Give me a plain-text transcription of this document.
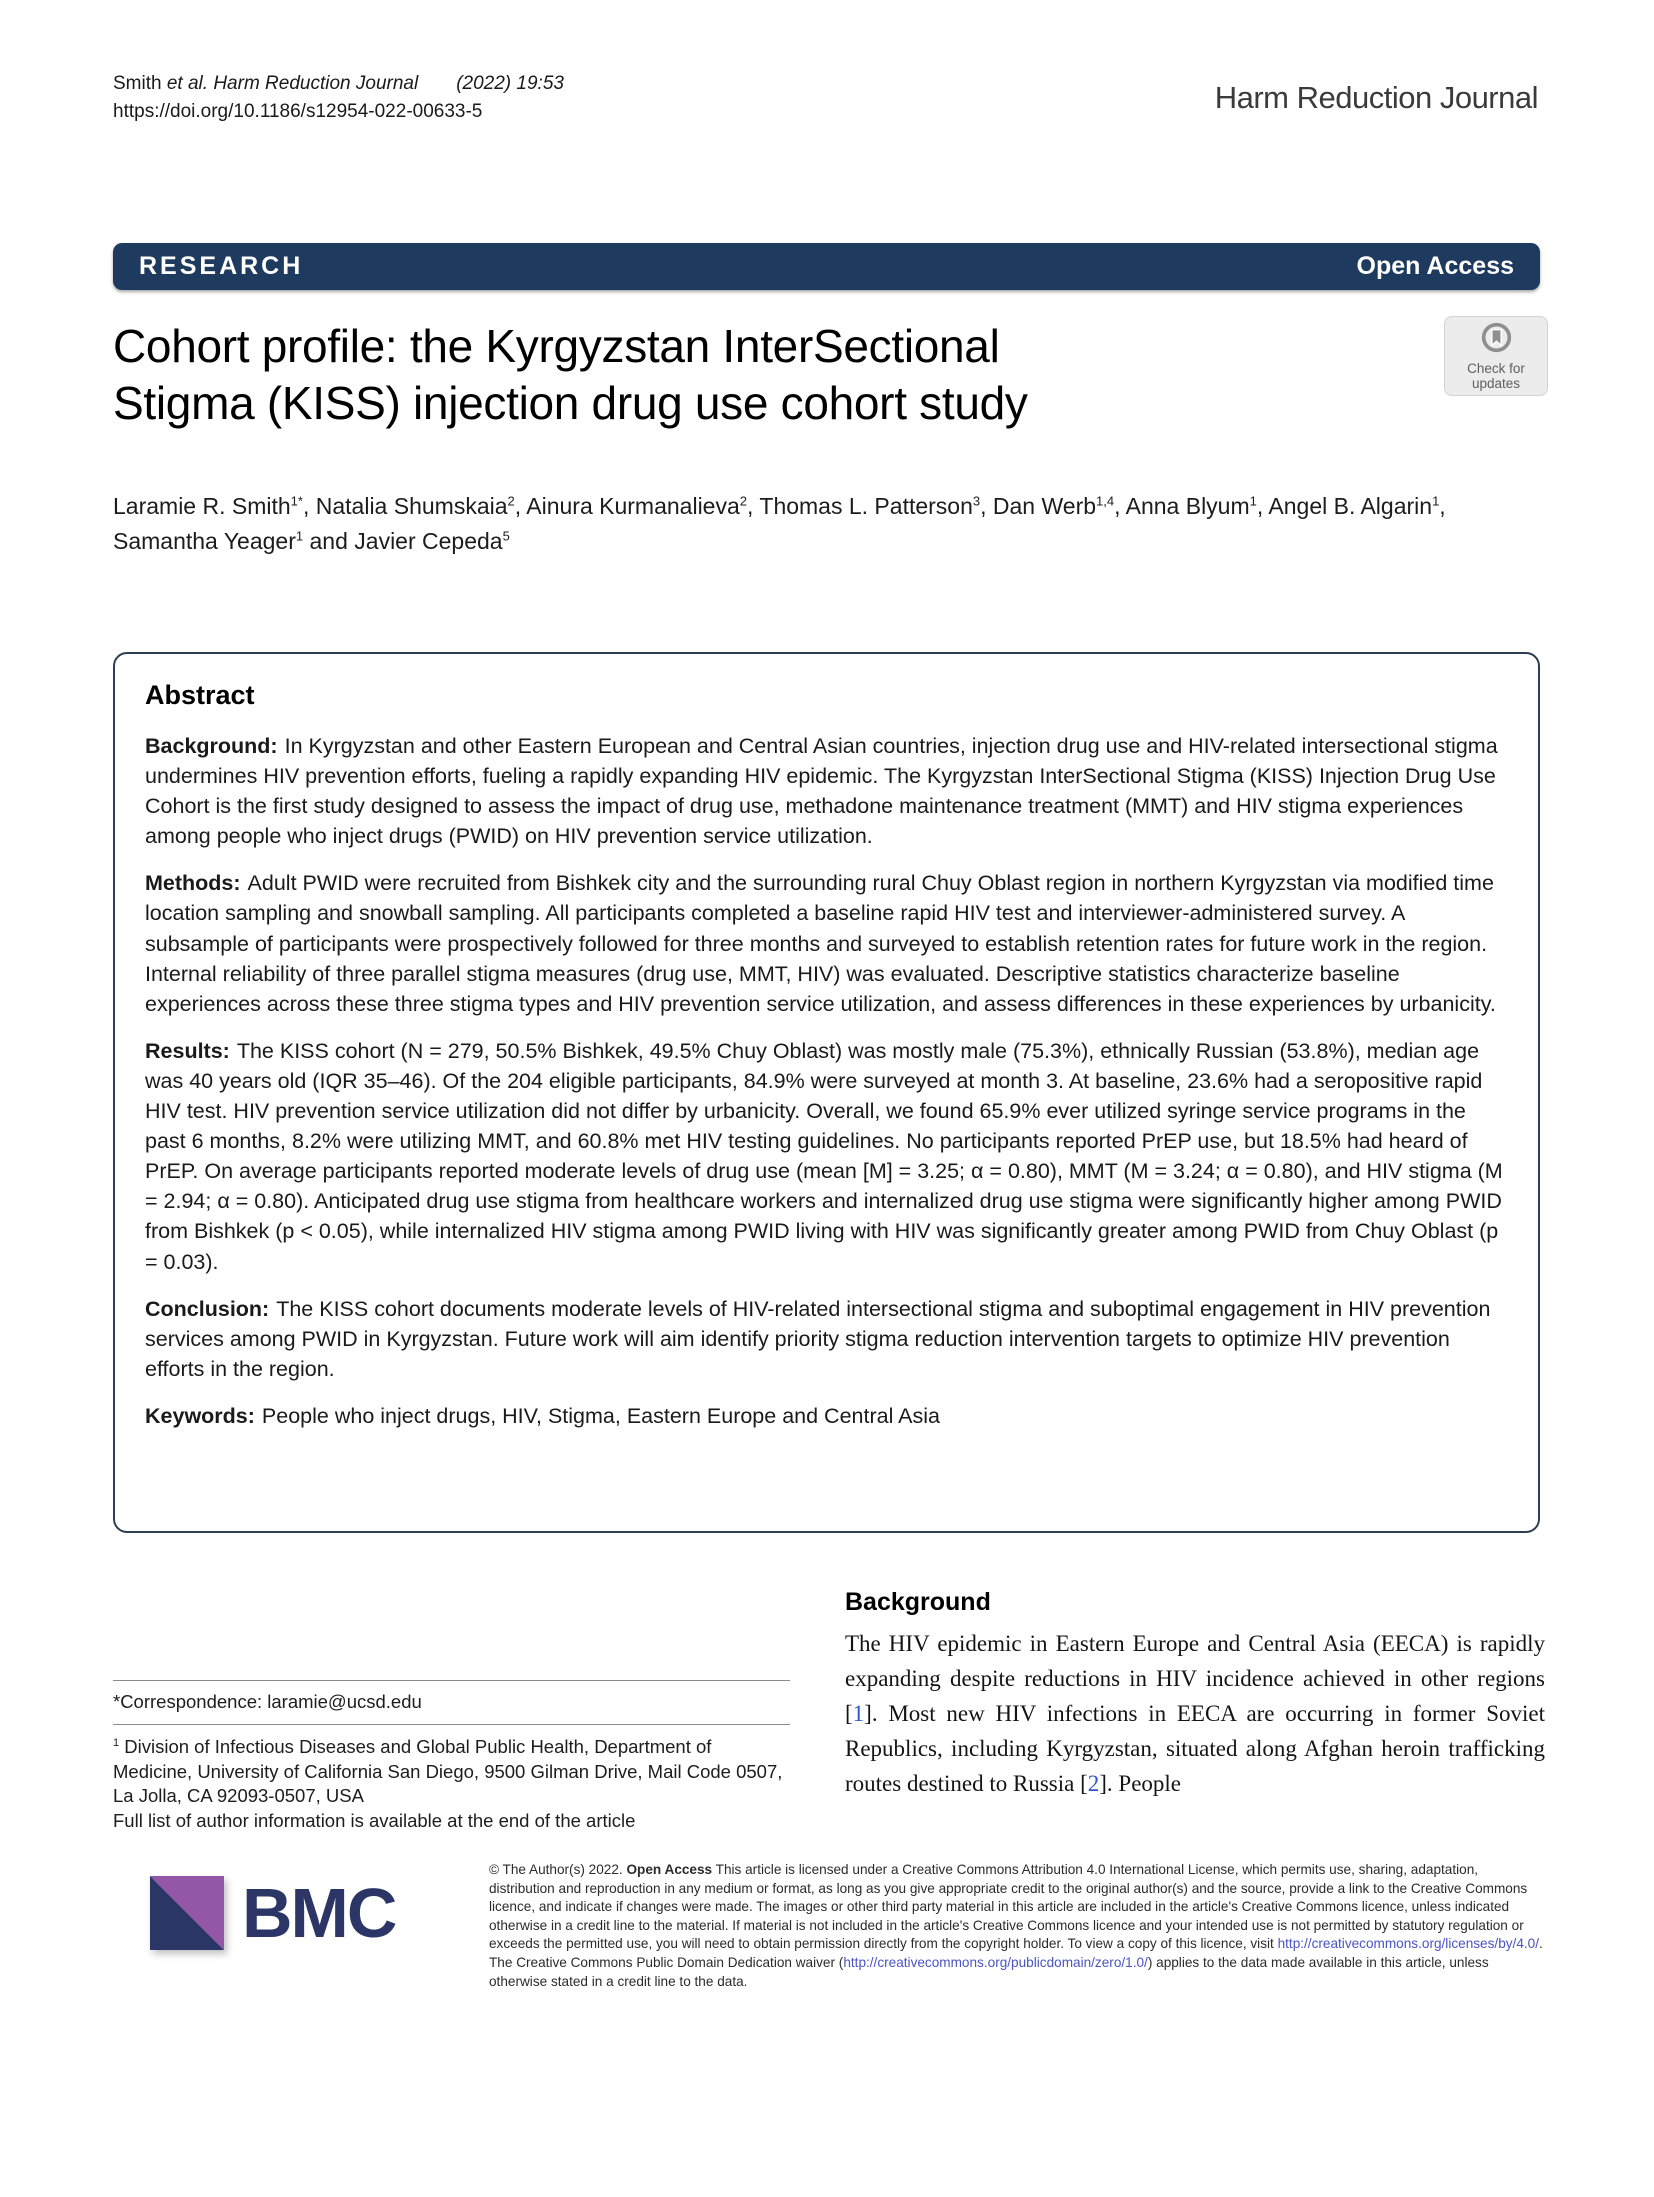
Smith et al. Harm Reduction Journal (2022) 19:53
https://doi.org/10.1186/s12954-022-00633-5	Harm Reduction Journal
RESEARCH	Open Access
Cohort profile: the Kyrgyzstan InterSectional
Stigma (KISS) injection drug use cohort study
Check for
updates
Laramie R. Smith$^{1*}$, Natalia Shumskaia$^2$, Ainura Kurmanalieva$^2$, Thomas L. Patterson$^3$, Dan Werb$^{1,4}$, Anna Blyum$^1$, Angel B. Algarin$^1$, Samantha Yeager$^1$ and Javier Cepeda$^5$
Abstract

Background: In Kyrgyzstan and other Eastern European and Central Asian countries, injection drug use and HIV-related intersectional stigma undermines HIV prevention efforts, fueling a rapidly expanding HIV epidemic. The Kyrgyzstan InterSectional Stigma (KISS) Injection Drug Use Cohort is the first study designed to assess the impact of drug use, methadone maintenance treatment (MMT) and HIV stigma experiences among people who inject drugs (PWID) on HIV prevention service utilization.

Methods: Adult PWID were recruited from Bishkek city and the surrounding rural Chuy Oblast region in northern Kyrgyzstan via modified time location sampling and snowball sampling. All participants completed a baseline rapid HIV test and interviewer-administered survey. A subsample of participants were prospectively followed for three months and surveyed to establish retention rates for future work in the region. Internal reliability of three parallel stigma measures (drug use, MMT, HIV) was evaluated. Descriptive statistics characterize baseline experiences across these three stigma types and HIV prevention service utilization, and assess differences in these experiences by urbanicity.

Results: The KISS cohort (N = 279, 50.5% Bishkek, 49.5% Chuy Oblast) was mostly male (75.3%), ethnically Russian (53.8%), median age was 40 years old (IQR 35–46). Of the 204 eligible participants, 84.9% were surveyed at month 3. At baseline, 23.6% had a seropositive rapid HIV test. HIV prevention service utilization did not differ by urbanicity. Overall, we found 65.9% ever utilized syringe service programs in the past 6 months, 8.2% were utilizing MMT, and 60.8% met HIV testing guidelines. No participants reported PrEP use, but 18.5% had heard of PrEP. On average participants reported moderate levels of drug use (mean [M] = 3.25; α = 0.80), MMT (M = 3.24; α = 0.80), and HIV stigma (M = 2.94; α = 0.80). Anticipated drug use stigma from healthcare workers and internalized drug use stigma were significantly higher among PWID from Bishkek (p < 0.05), while internalized HIV stigma among PWID living with HIV was significantly greater among PWID from Chuy Oblast (p = 0.03).

Conclusion: The KISS cohort documents moderate levels of HIV-related intersectional stigma and suboptimal engagement in HIV prevention services among PWID in Kyrgyzstan. Future work will aim identify priority stigma reduction intervention targets to optimize HIV prevention efforts in the region.

Keywords: People who inject drugs, HIV, Stigma, Eastern Europe and Central Asia

*Correspondence: laramie@ucsd.edu
$^1$ Division of Infectious Diseases and Global Public Health, Department of Medicine, University of California San Diego, 9500 Gilman Drive, Mail Code 0507, La Jolla, CA 92093-0507, USA
Full list of author information is available at the end of the article
Background

The HIV epidemic in Eastern Europe and Central Asia (EECA) is rapidly expanding despite reductions in HIV incidence achieved in other regions [1]. Most new HIV infections in EECA are occurring in former Soviet Republics, including Kyrgyzstan, situated along Afghan heroin trafficking routes destined to Russia [2]. People

BMC
© The Author(s) 2022. Open Access This article is licensed under a Creative Commons Attribution 4.0 International License, which permits use, sharing, adaptation, distribution and reproduction in any medium or format, as long as you give appropriate credit to the original author(s) and the source, provide a link to the Creative Commons licence, and indicate if changes were made. The images or other third party material in this article are included in the article's Creative Commons licence, unless indicated otherwise in a credit line to the material. If material is not included in the article's Creative Commons licence and your intended use is not permitted by statutory regulation or exceeds the permitted use, you will need to obtain permission directly from the copyright holder. To view a copy of this licence, visit http://creativecommons.org/licenses/by/4.0/. The Creative Commons Public Domain Dedication waiver (http://creativecommons.org/publicdomain/zero/1.0/) applies to the data made available in this article, unless otherwise stated in a credit line to the data.
